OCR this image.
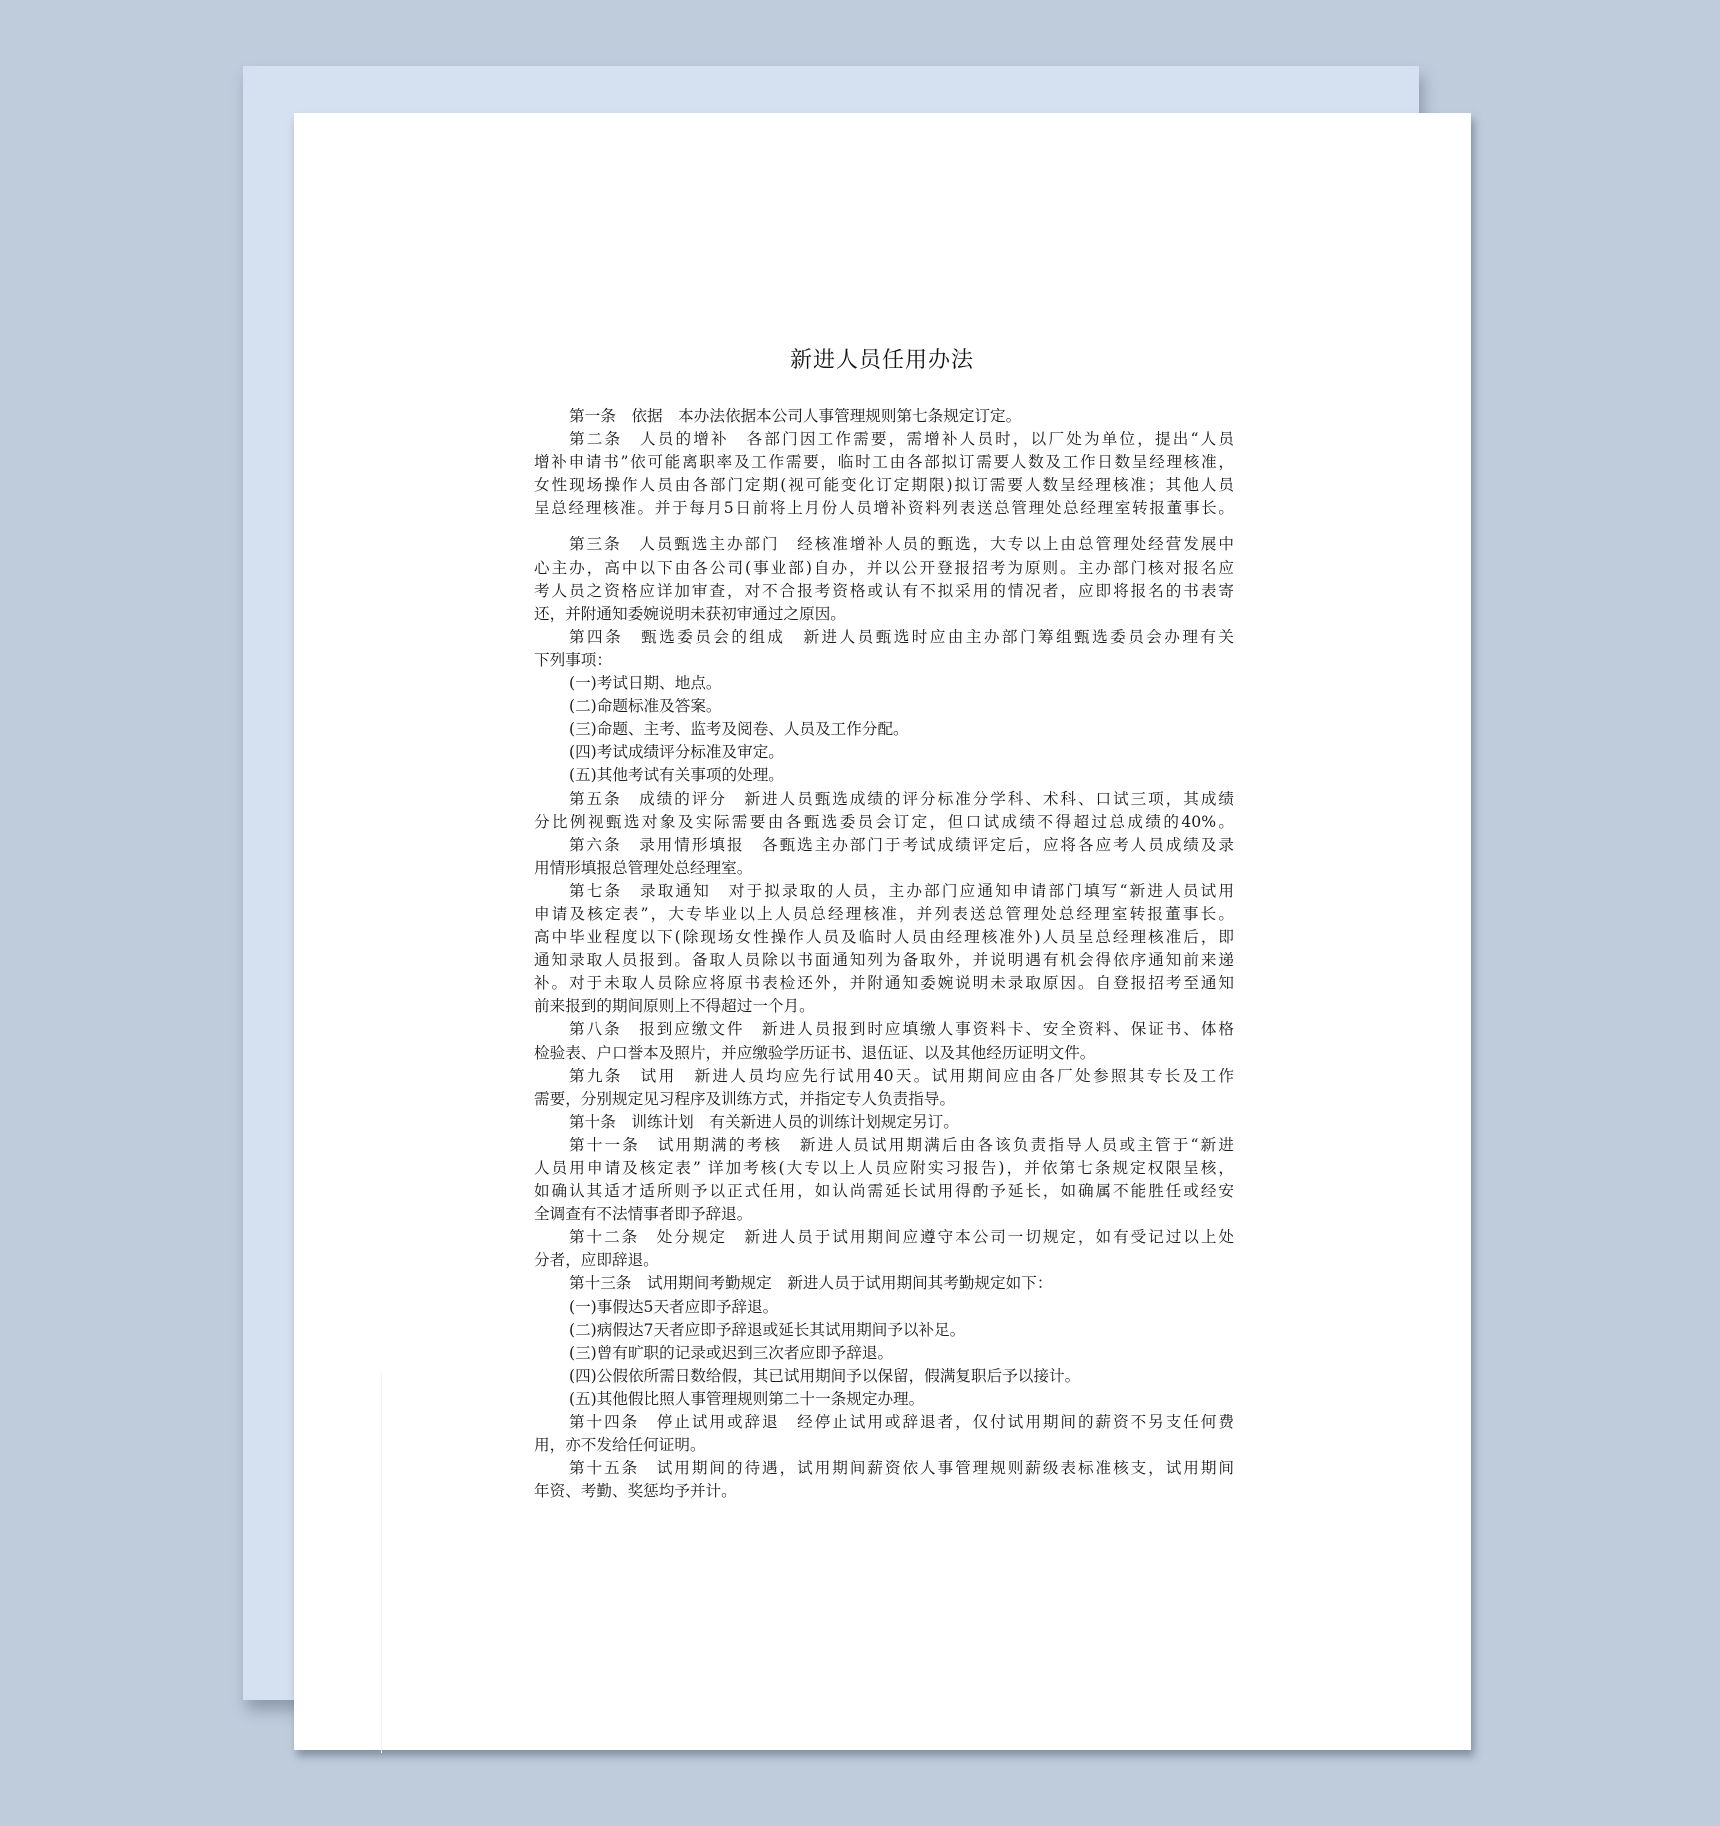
新进人员任用办法
第一条　依据　本办法依据本公司人事管理规则第七条规定订定。
第二条　人员的增补　各部门因工作需要，需增补人员时，以厂处为单位，提出“人员
增补申请书”依可能离职率及工作需要，临时工由各部拟订需要人数及工作日数呈经理核准，
女性现场操作人员由各部门定期(视可能变化订定期限)拟订需要人数呈经理核准；其他人员
呈总经理核准。并于每月5日前将上月份人员增补资料列表送总管理处总经理室转报董事长。
第三条　人员甄选主办部门　经核准增补人员的甄选，大专以上由总管理处经营发展中
心主办，高中以下由各公司(事业部)自办，并以公开登报招考为原则。主办部门核对报名应
考人员之资格应详加审查，对不合报考资格或认有不拟采用的情况者，应即将报名的书表寄
还，并附通知委婉说明未获初审通过之原因。
第四条　甄选委员会的组成　新进人员甄选时应由主办部门筹组甄选委员会办理有关
下列事项：
(一)考试日期、地点。
(二)命题标准及答案。
(三)命题、主考、监考及阅卷、人员及工作分配。
(四)考试成绩评分标准及审定。
(五)其他考试有关事项的处理。
第五条　成绩的评分　新进人员甄选成绩的评分标准分学科、术科、口试三项，其成绩
分比例视甄选对象及实际需要由各甄选委员会订定，但口试成绩不得超过总成绩的40%。
第六条　录用情形填报　各甄选主办部门于考试成绩评定后，应将各应考人员成绩及录
用情形填报总管理处总经理室。
第七条　录取通知　对于拟录取的人员，主办部门应通知申请部门填写“新进人员试用
申请及核定表”，大专毕业以上人员总经理核准，并列表送总管理处总经理室转报董事长。
高中毕业程度以下(除现场女性操作人员及临时人员由经理核准外)人员呈总经理核准后，即
通知录取人员报到。备取人员除以书面通知列为备取外，并说明遇有机会得依序通知前来递
补。对于未取人员除应将原书表检还外，并附通知委婉说明未录取原因。自登报招考至通知
前来报到的期间原则上不得超过一个月。
第八条　报到应缴文件　新进人员报到时应填缴人事资料卡、安全资料、保证书、体格
检验表、户口誉本及照片，并应缴验学历证书、退伍证、以及其他经历证明文件。
第九条　试用　新进人员均应先行试用40天。试用期间应由各厂处参照其专长及工作
需要，分别规定见习程序及训练方式，并指定专人负责指导。
第十条　训练计划　有关新进人员的训练计划规定另订。
第十一条　试用期满的考核　新进人员试用期满后由各该负责指导人员或主管于“新进
人员用申请及核定表” 详加考核(大专以上人员应附实习报告)，并依第七条规定权限呈核，
如确认其适才适所则予以正式任用，如认尚需延长试用得酌予延长，如确属不能胜任或经安
全调查有不法情事者即予辞退。
第十二条　处分规定　新进人员于试用期间应遵守本公司一切规定，如有受记过以上处
分者，应即辞退。
第十三条　试用期间考勤规定　新进人员于试用期间其考勤规定如下：
(一)事假达5天者应即予辞退。
(二)病假达7天者应即予辞退或延长其试用期间予以补足。
(三)曾有旷职的记录或迟到三次者应即予辞退。
(四)公假依所需日数给假，其已试用期间予以保留，假满复职后予以接计。
(五)其他假比照人事管理规则第二十一条规定办理。
第十四条　停止试用或辞退　经停止试用或辞退者，仅付试用期间的薪资不另支任何费
用，亦不发给任何证明。
第十五条　试用期间的待遇，试用期间薪资依人事管理规则薪级表标准核支，试用期间
年资、考勤、奖惩均予并计。
